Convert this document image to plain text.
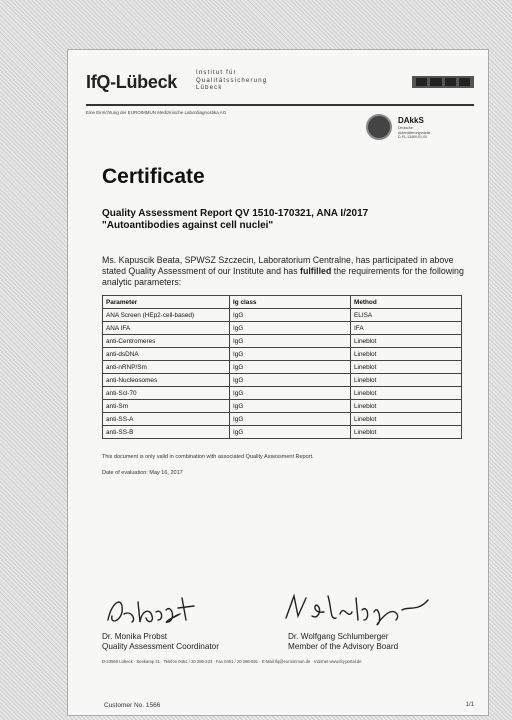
IfQ-Lübeck	Institut für
Qualitätssicherung
Lübeck
Eine Einrichtung der EUROIMMUN Medizinische Labordiagnostika AG
DAkkS
Deutsche
Akkreditierungsstelle
D-PL-13469-01-00
Certificate
Quality Assessment Report QV 1510-170321, ANA I/2017
"Autoantibodies against cell nuclei"
Ms. Kapuscik Beata, SPWSZ Szczecin, Laboratorium Centralne, has participated in above stated Quality Assessment of our Institute and has fulfilled the requirements for the following analytic parameters:
Parameter	Ig class	Method
ANA Screen (HEp2-cell-based)	IgG	ELISA
ANA IFA	IgG	IFA
anti-Centromeres	IgG	Lineblot
anti-dsDNA	IgG	Lineblot
anti-nRNP/Sm	IgG	Lineblot
anti-Nucleosomes	IgG	Lineblot
anti-Scl-70	IgG	Lineblot
anti-Sm	IgG	Lineblot
anti-SS-A	IgG	Lineblot
anti-SS-B	IgG	Lineblot
This document is only valid in combination with associated Quality Assessment Report.
Date of evaluation: May 16, 2017
Dr. Monika Probst
Quality Assessment Coordinator
Dr. Wolfgang Schlumberger
Member of the Advisory Board
D-23560 Lübeck · Seekamp 31 · Telefon 0451 / 20 286-233 · Fax 0451 / 20 286-691 · E-Mail ifq@euroimmun.de · Internet www.ifq-portal.de
Customer No. 1566	1/1
